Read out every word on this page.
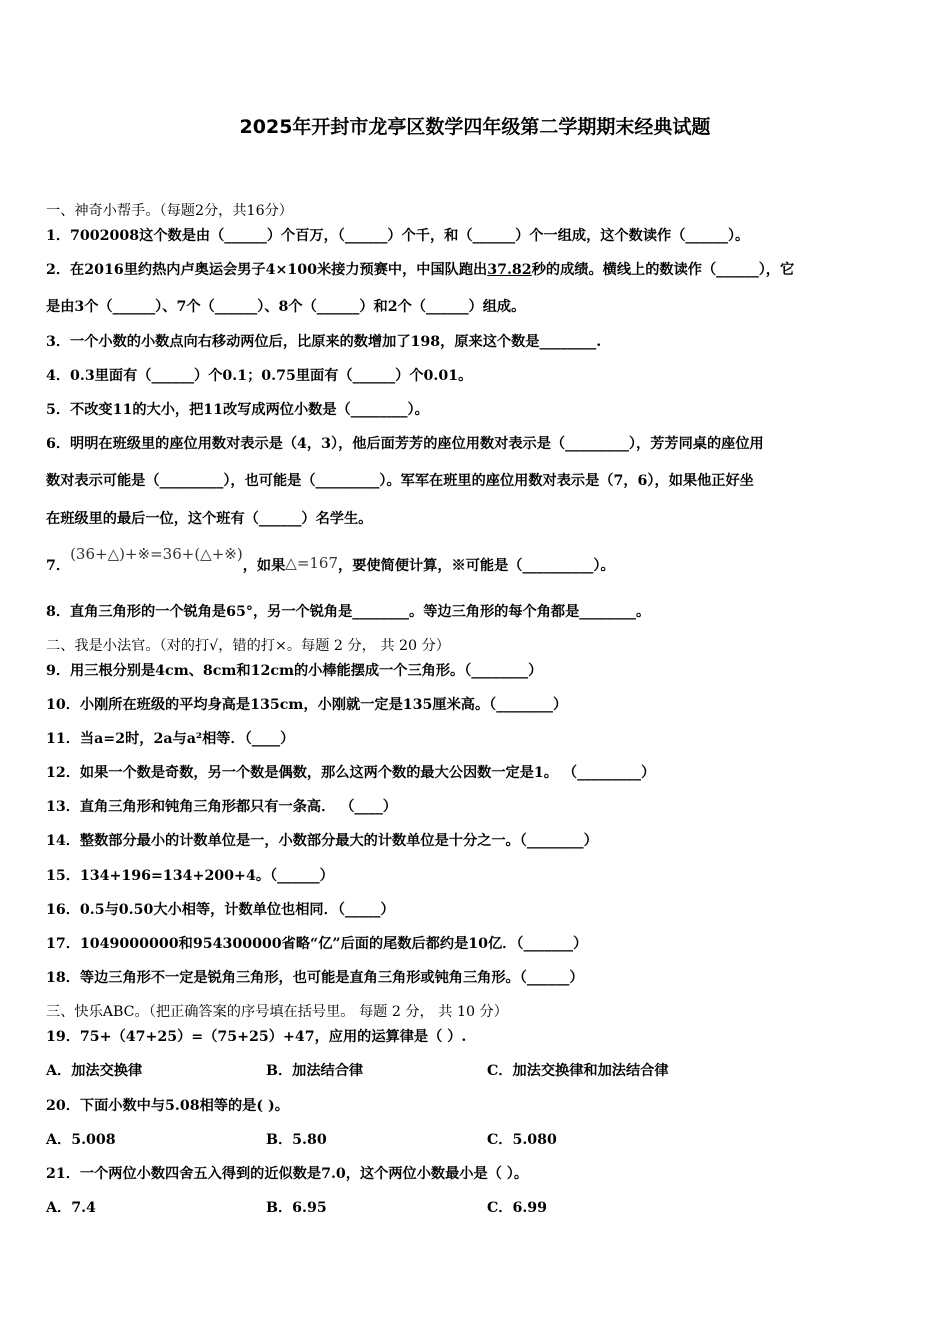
2025年开封市龙亭区数学四年级第二学期期末经典试题
一、神奇小帮手。（每题2分，共16分）
1．7002008这个数是由（______）个百万，（______）个千，和（______）个一组成，这个数读作（______）。
2．在2016里约热内卢奥运会男子4×100米接力预赛中，中国队跑出37.82秒的成绩。横线上的数读作（______），它
是由3个（______）、7个（______）、8个（______）和2个（______）组成。
3．一个小数的小数点向右移动两位后，比原来的数增加了198，原来这个数是________.
4．0.3里面有（______）个0.1；0.75里面有（______）个0.01。
5．不改变11的大小，把11改写成两位小数是（________）。
6．明明在班级里的座位用数对表示是（4，3），他后面芳芳的座位用数对表示是（_________），芳芳同桌的座位用
数对表示可能是（_________），也可能是（_________）。军军在班里的座位用数对表示是（7，6），如果他正好坐
在班级里的最后一位，这个班有（______）名学生。
7．(36+△)+※=36+(△+※)，如果△=167，要使简便计算，※可能是（__________）。
8．直角三角形的一个锐角是65°，另一个锐角是________。等边三角形的每个角都是________。
二、我是小法官。（对的打√，错的打×。每题 2 分， 共 20 分）
9．用三根分别是4cm、8cm和12cm的小棒能摆成一个三角形。（________）
10．小刚所在班级的平均身高是135cm，小刚就一定是135厘米高。（________）
11．当a=2时，2a与a²相等．（____）
12．如果一个数是奇数，另一个数是偶数，那么这两个数的最大公因数一定是1。 （_________）
13．直角三角形和钝角三角形都只有一条高． （____）
14．整数部分最小的计数单位是一，小数部分最大的计数单位是十分之一。（________）
15．134+196=134+200+4。（______）
16．0.5与0.50大小相等，计数单位也相同．（_____）
17．1049000000和954300000省略“亿”后面的尾数后都约是10亿．（_______）
18．等边三角形不一定是锐角三角形，也可能是直角三角形或钝角三角形。（______）
三、快乐ABC。（把正确答案的序号填在括号里。 每题 2 分， 共 10 分）
19．75+（47+25）=（75+25）+47，应用的运算律是（ ）.
A．加法交换律	B．加法结合律	C．加法交换律和加法结合律
20．下面小数中与5.08相等的是( )。
A．5.008	B．5.80	C．5.080
21．一个两位小数四舍五入得到的近似数是7.0，这个两位小数最小是（ ）。
A．7.4	B．6.95	C．6.99
